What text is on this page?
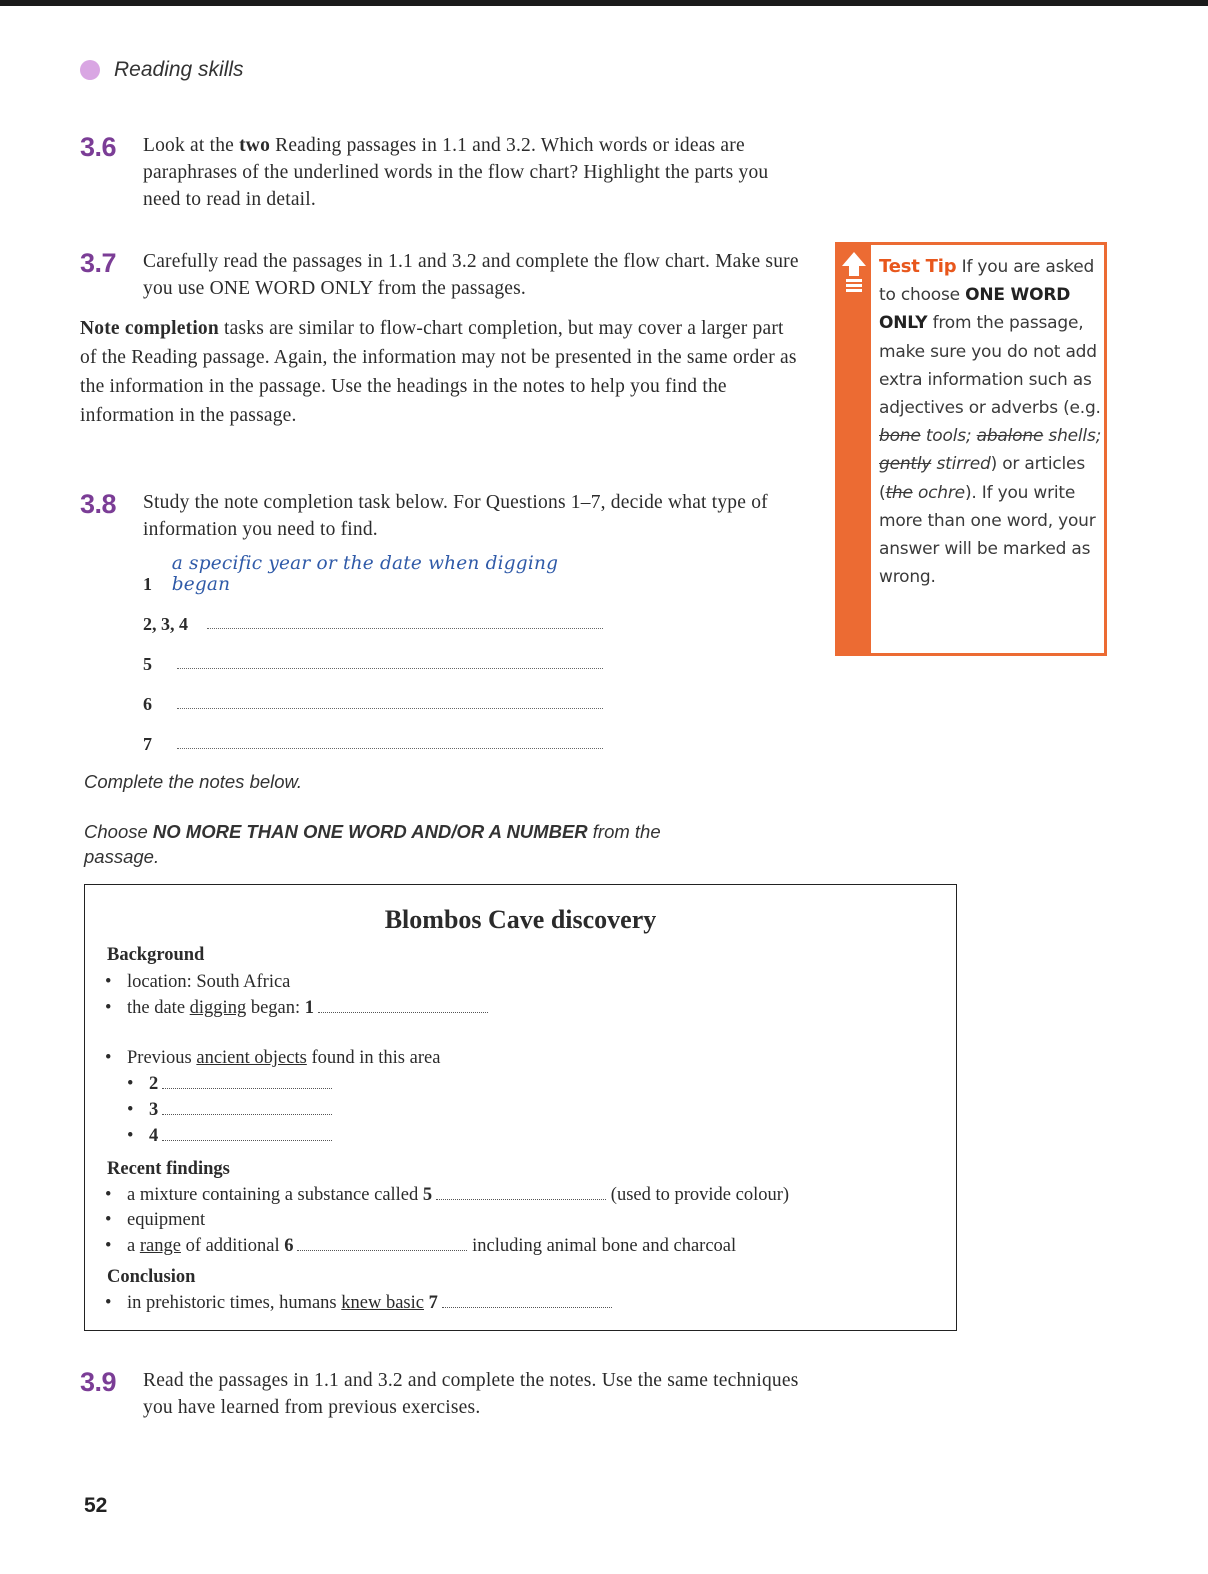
Reading skills
3.6 Look at the two Reading passages in 1.1 and 3.2. Which words or ideas are paraphrases of the underlined words in the flow chart? Highlight the parts you need to read in detail.
3.7 Carefully read the passages in 1.1 and 3.2 and complete the flow chart. Make sure you use ONE WORD ONLY from the passages.
Note completion tasks are similar to flow-chart completion, but may cover a larger part of the Reading passage. Again, the information may not be presented in the same order as the information in the passage. Use the headings in the notes to help you find the information in the passage.
3.8 Study the note completion task below. For Questions 1–7, decide what type of information you need to find.
1
a specific year or the date when digging began
2, 3, 4
5
6
7
Complete the notes below.
Choose NO MORE THAN ONE WORD AND/OR A NUMBER from the
passage.
Blombos Cave discovery
Background
• location: South Africa
• the date digging began: 1
• Previous ancient objects found in this area
• 2
• 3
• 4
Recent findings
• a mixture containing a substance called 5	(used to provide colour)
• equipment
• a range of additional 6	including animal bone and charcoal
Conclusion
• in prehistoric times, humans knew basic 7
Test Tip If you are asked to choose ONE WORD ONLY from the passage, make sure you do not add extra information such as adjectives or adverbs (e.g. bone tools; abalone shells; gently stirred) or articles (the ochre). If you write more than one word, your answer will be marked as wrong.
3.9 Read the passages in 1.1 and 3.2 and complete the notes. Use the same techniques you have learned from previous exercises.
52
